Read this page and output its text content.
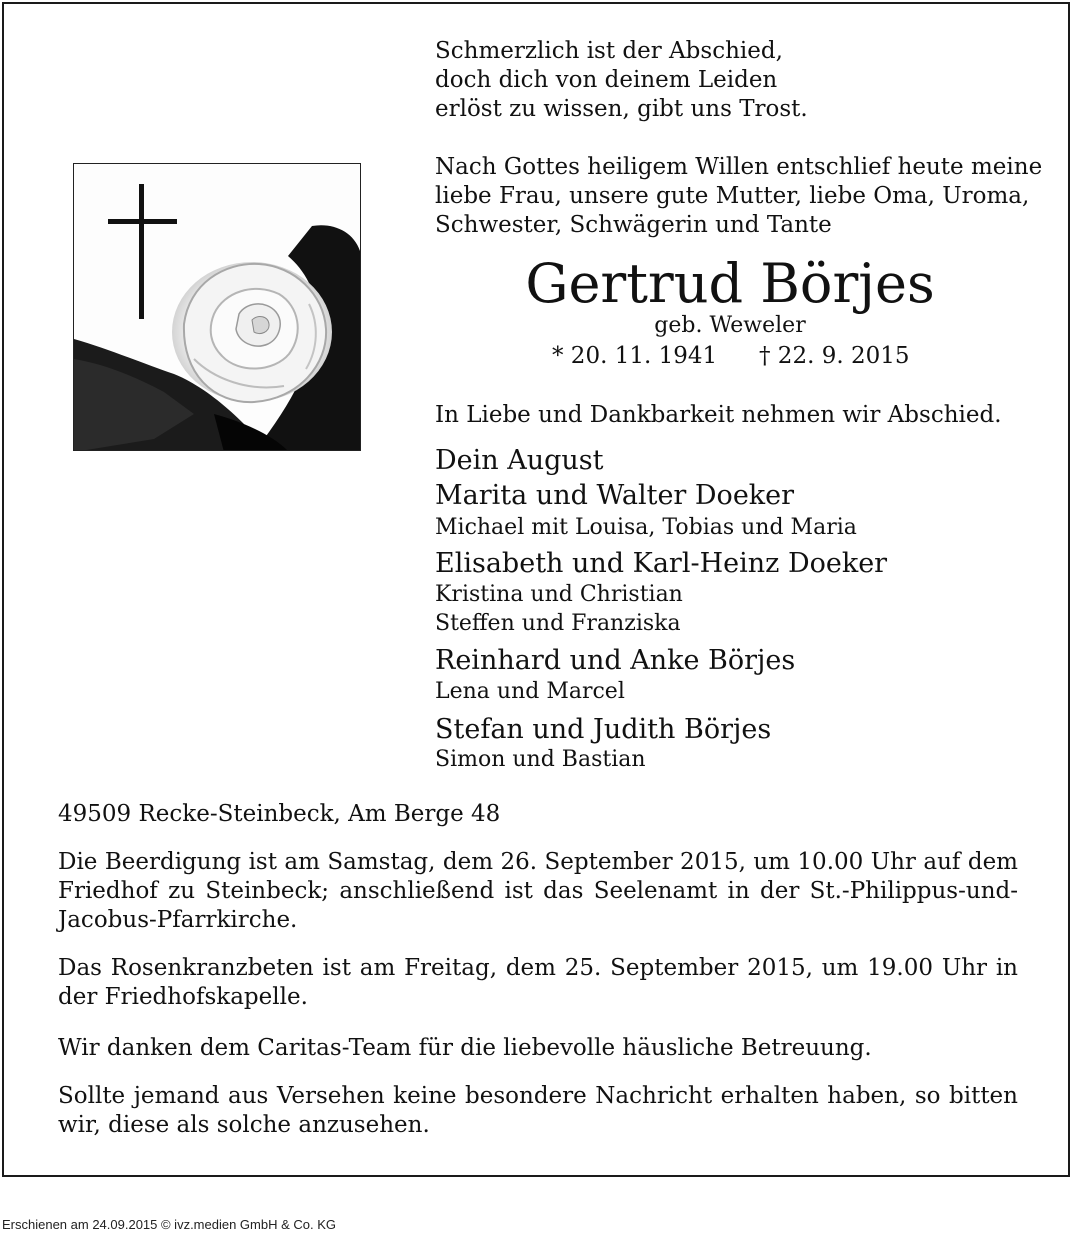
Schmerzlich ist der Abschied,

doch dich von deinem Leiden

erlöst zu wissen, gibt uns Trost.

Nach Gottes heiligem Willen entschlief heute meine

liebe Frau, unsere gute Mutter, liebe Oma, Uroma,

Schwester, Schwägerin und Tante

Gertrud Börjes

geb. Weweler

* 20. 11. 1941 † 22. 9. 2015

In Liebe und Dankbarkeit nehmen wir Abschied.

Dein August

Marita und Walter Doeker

Michael mit Louisa, Tobias und Maria

Elisabeth und Karl-Heinz Doeker

Kristina und Christian

Steffen und Franziska

Reinhard und Anke Börjes

Lena und Marcel

Stefan und Judith Börjes

Simon und Bastian

49509 Recke-Steinbeck, Am Berge 48

Die Beerdigung ist am Samstag, dem 26. September 2015, um 10.00 Uhr auf dem Friedhof zu Steinbeck; anschließend ist das Seelenamt in der St.-Philippus-und-Jacobus-Pfarrkirche.

Das Rosenkranzbeten ist am Freitag, dem 25. September 2015, um 19.00 Uhr in der Friedhofskapelle.

Wir danken dem Caritas-Team für die liebevolle häusliche Betreuung.

Sollte jemand aus Versehen keine besondere Nachricht erhalten haben, so bitten wir, diese als solche anzusehen.

Erschienen am 24.09.2015 © ivz.medien GmbH & Co. KG
